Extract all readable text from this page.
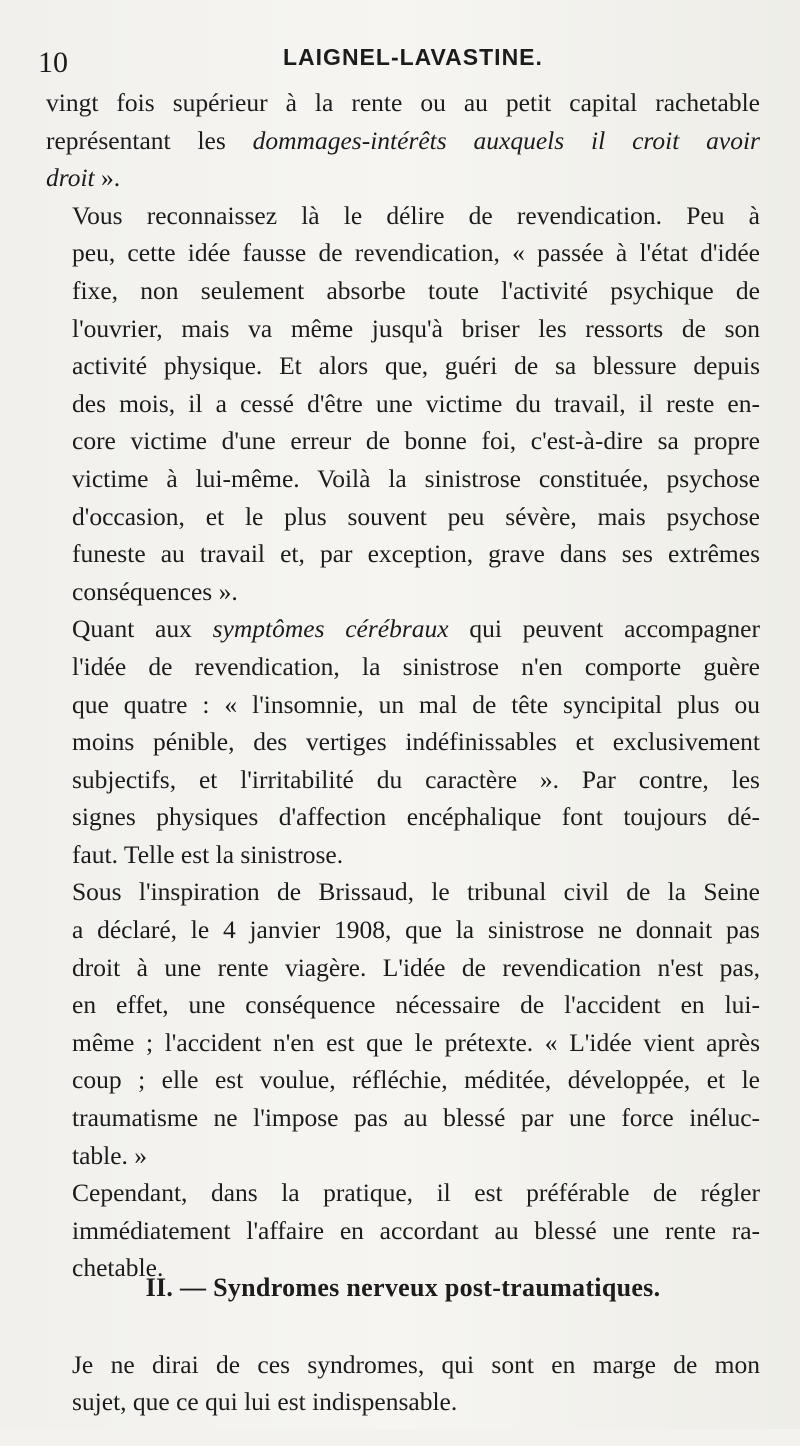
10	LAIGNEL-LAVASTINE.

vingt fois supérieur à la rente ou au petit capital rachetable
représentant les dommages-intérêts auxquels il croit avoir
droit ».

Vous reconnaissez là le délire de revendication. Peu à
peu, cette idée fausse de revendication, « passée à l'état d'idée
fixe, non seulement absorbe toute l'activité psychique de
l'ouvrier, mais va même jusqu'à briser les ressorts de son
activité physique. Et alors que, guéri de sa blessure depuis
des mois, il a cessé d'être une victime du travail, il reste en-
core victime d'une erreur de bonne foi, c'est-à-dire sa propre
victime à lui-même. Voilà la sinistrose constituée, psychose
d'occasion, et le plus souvent peu sévère, mais psychose
funeste au travail et, par exception, grave dans ses extrêmes
conséquences ».

Quant aux symptômes cérébraux qui peuvent accompagner
l'idée de revendication, la sinistrose n'en comporte guère
que quatre : « l'insomnie, un mal de tête syncipital plus ou
moins pénible, des vertiges indéfinissables et exclusivement
subjectifs, et l'irritabilité du caractère ». Par contre, les
signes physiques d'affection encéphalique font toujours dé-
faut. Telle est la sinistrose.

Sous l'inspiration de Brissaud, le tribunal civil de la Seine
a déclaré, le 4 janvier 1908, que la sinistrose ne donnait pas
droit à une rente viagère. L'idée de revendication n'est pas,
en effet, une conséquence nécessaire de l'accident en lui-
même ; l'accident n'en est que le prétexte. « L'idée vient après
coup ; elle est voulue, réfléchie, méditée, développée, et le
traumatisme ne l'impose pas au blessé par une force inéluc-
table. »

Cependant, dans la pratique, il est préférable de régler
immédiatement l'affaire en accordant au blessé une rente ra-
chetable.

II. — Syndromes nerveux post-traumatiques.

Je ne dirai de ces syndromes, qui sont en marge de mon
sujet, que ce qui lui est indispensable.
